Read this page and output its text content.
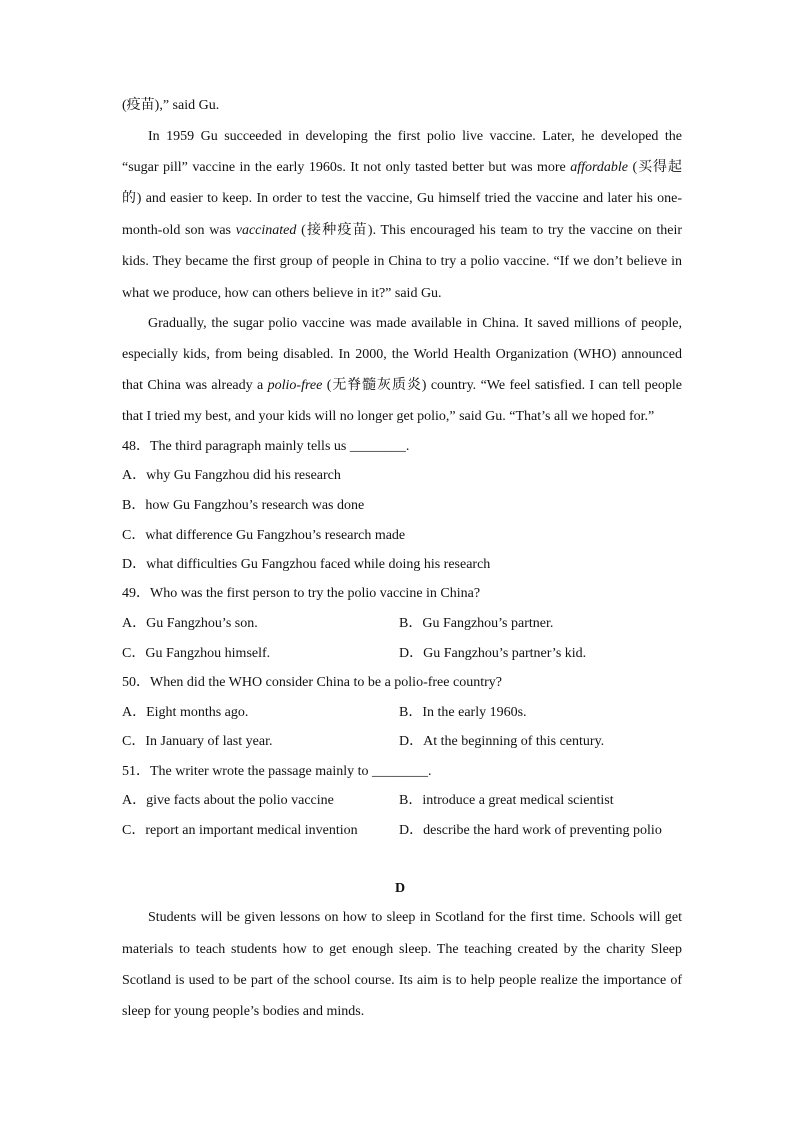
(疫苗),” said Gu.
In 1959 Gu succeeded in developing the first polio live vaccine. Later, he developed the
“sugar pill” vaccine in the early 1960s. It not only tasted better but was more affordable (买得起
的) and easier to keep. In order to test the vaccine, Gu himself tried the vaccine and later his one-
month-old son was vaccinated (接种疫苗). This encouraged his team to try the vaccine on their
kids. They became the first group of people in China to try a polio vaccine. “If we don’t believe in
what we produce, how can others believe in it?” said Gu.
Gradually, the sugar polio vaccine was made available in China. It saved millions of people,
especially kids, from being disabled. In 2000, the World Health Organization (WHO) announced
that China was already a polio-free (无脊髓灰质炎) country. “We feel satisfied. I can tell people
that I tried my best, and your kids will no longer get polio,” said Gu. “That’s all we hoped for.”
48．The third paragraph mainly tells us ________.
A．why Gu Fangzhou did his research
B．how Gu Fangzhou’s research was done
C．what difference Gu Fangzhou’s research made
D．what difficulties Gu Fangzhou faced while doing his research
49．Who was the first person to try the polio vaccine in China?
A．Gu Fangzhou’s son.	B．Gu Fangzhou’s partner.
C．Gu Fangzhou himself.	D．Gu Fangzhou’s partner’s kid.
50．When did the WHO consider China to be a polio-free country?
A．Eight months ago.	B．In the early 1960s.
C．In January of last year.	D．At the beginning of this century.
51．The writer wrote the passage mainly to ________.
A．give facts about the polio vaccine	B．introduce a great medical scientist
C．report an important medical invention	D．describe the hard work of preventing polio
D
Students will be given lessons on how to sleep in Scotland for the first time. Schools will get
materials to teach students how to get enough sleep. The teaching created by the charity Sleep
Scotland is used to be part of the school course. Its aim is to help people realize the importance of
sleep for young people’s bodies and minds.
